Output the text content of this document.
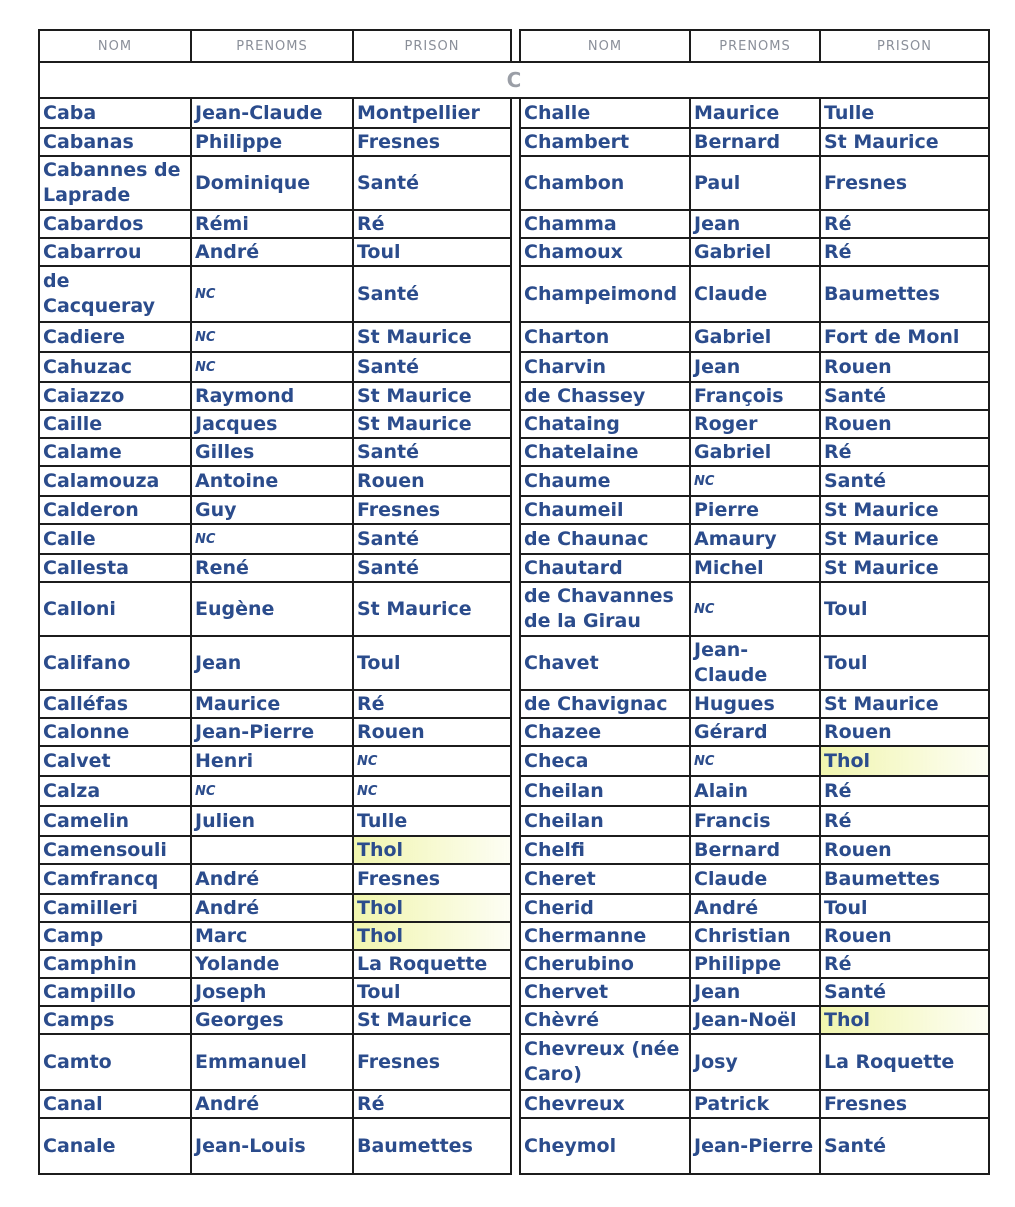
NOM	PRENOMS	PRISON		NOM	PRENOMS	PRISON
C						
Caba	Jean-Claude	Montpellier		Challe	Maurice	Tulle
Cabanas	Philippe	Fresnes		Chambert	Bernard	St Maurice
Cabannes de Laprade	Dominique	Santé		Chambon	Paul	Fresnes
Cabardos	Rémi	Ré		Chamma	Jean	Ré
Cabarrou	André	Toul		Chamoux	Gabriel	Ré
de Cacqueray	NC	Santé		Champeimond	Claude	Baumettes
Cadiere	NC	St Maurice		Charton	Gabriel	Fort de Monl
Cahuzac	NC	Santé		Charvin	Jean	Rouen
Caiazzo	Raymond	St Maurice		de Chassey	François	Santé
Caille	Jacques	St Maurice		Chataing	Roger	Rouen
Calame	Gilles	Santé		Chatelaine	Gabriel	Ré
Calamouza	Antoine	Rouen		Chaume	NC	Santé
Calderon	Guy	Fresnes		Chaumeil	Pierre	St Maurice
Calle	NC	Santé		de Chaunac	Amaury	St Maurice
Callesta	René	Santé		Chautard	Michel	St Maurice
Calloni	Eugène	St Maurice		de Chavannes de la Girau	NC	Toul
Califano	Jean	Toul		Chavet	Jean-Claude	Toul
Calléfas	Maurice	Ré		de Chavignac	Hugues	St Maurice
Calonne	Jean-Pierre	Rouen		Chazee	Gérard	Rouen
Calvet	Henri	NC		Checa	NC	Thol
Calza	NC	NC		Cheilan	Alain	Ré
Camelin	Julien	Tulle		Cheilan	Francis	Ré
Camensouli		Thol		Chelfi	Bernard	Rouen
Camfrancq	André	Fresnes		Cheret	Claude	Baumettes
Camilleri	André	Thol		Cherid	André	Toul
Camp	Marc	Thol		Chermanne	Christian	Rouen
Camphin	Yolande	La Roquette		Cherubino	Philippe	Ré
Campillo	Joseph	Toul		Chervet	Jean	Santé
Camps	Georges	St Maurice		Chèvré	Jean-Noël	Thol
Camto	Emmanuel	Fresnes		Chevreux (née Caro)	Josy	La Roquette
Canal	André	Ré		Chevreux	Patrick	Fresnes
Canale	Jean-Louis	Baumettes		Cheymol	Jean-Pierre	Santé
